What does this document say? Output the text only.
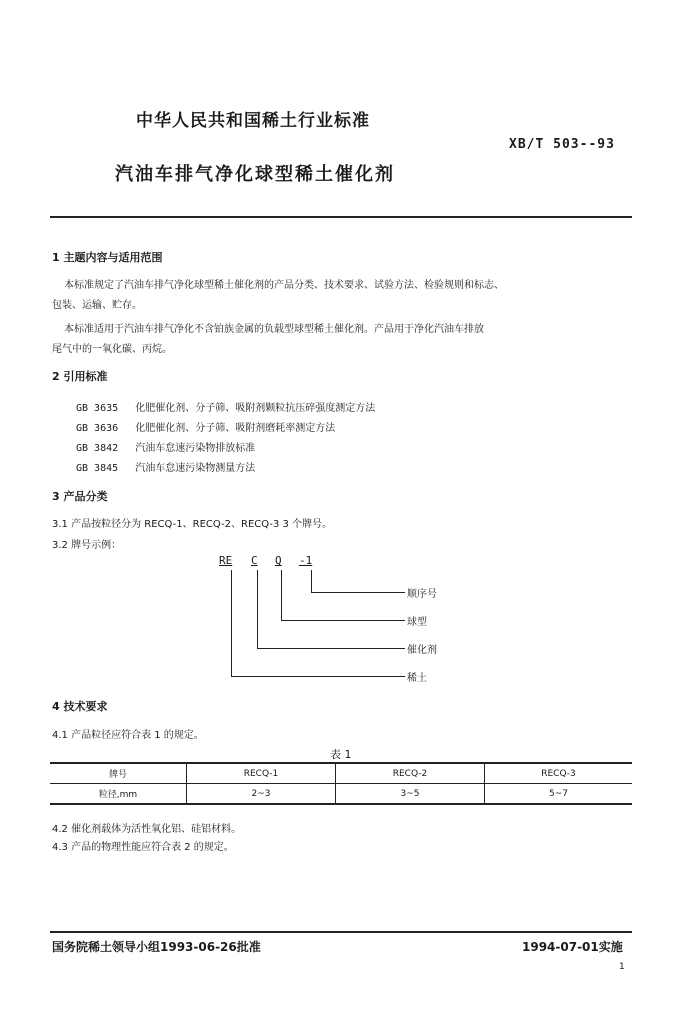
中华人民共和国稀土行业标准
XB/T 503--93
汽油车排气净化球型稀土催化剂
1 主题内容与适用范围
本标准规定了汽油车排气净化球型稀土催化剂的产品分类、技术要求、试验方法、检验规则和标志、
包装、运输、贮存。
本标准适用于汽油车排气净化不含铂族金属的负载型球型稀土催化剂。产品用于净化汽油车排放
尾气中的一氧化碳、丙烷。
2 引用标准
GB 3635 化肥催化剂、分子筛、吸附剂颗粒抗压碎强度测定方法
GB 3636 化肥催化剂、分子筛、吸附剂磨耗率测定方法
GB 3842 汽油车怠速污染物排放标准
GB 3845 汽油车怠速污染物测量方法
3 产品分类
3.1 产品按粒径分为 RECQ-1、RECQ-2、RECQ-3 3 个牌号。
3.2 牌号示例：
RE C Q -1
顺序号
球型
催化剂
稀土
4 技术要求
4.1 产品粒径应符合表 1 的规定。
表 1
牌号	RECQ-1	RECQ-2	RECQ-3
粒径,mm	2~3	3~5	5~7
4.2 催化剂载体为活性氧化铝、硅铝材料。
4.3 产品的物理性能应符合表 2 的规定。
国务院稀土领导小组1993-06-26批准	1994-07-01实施
1
